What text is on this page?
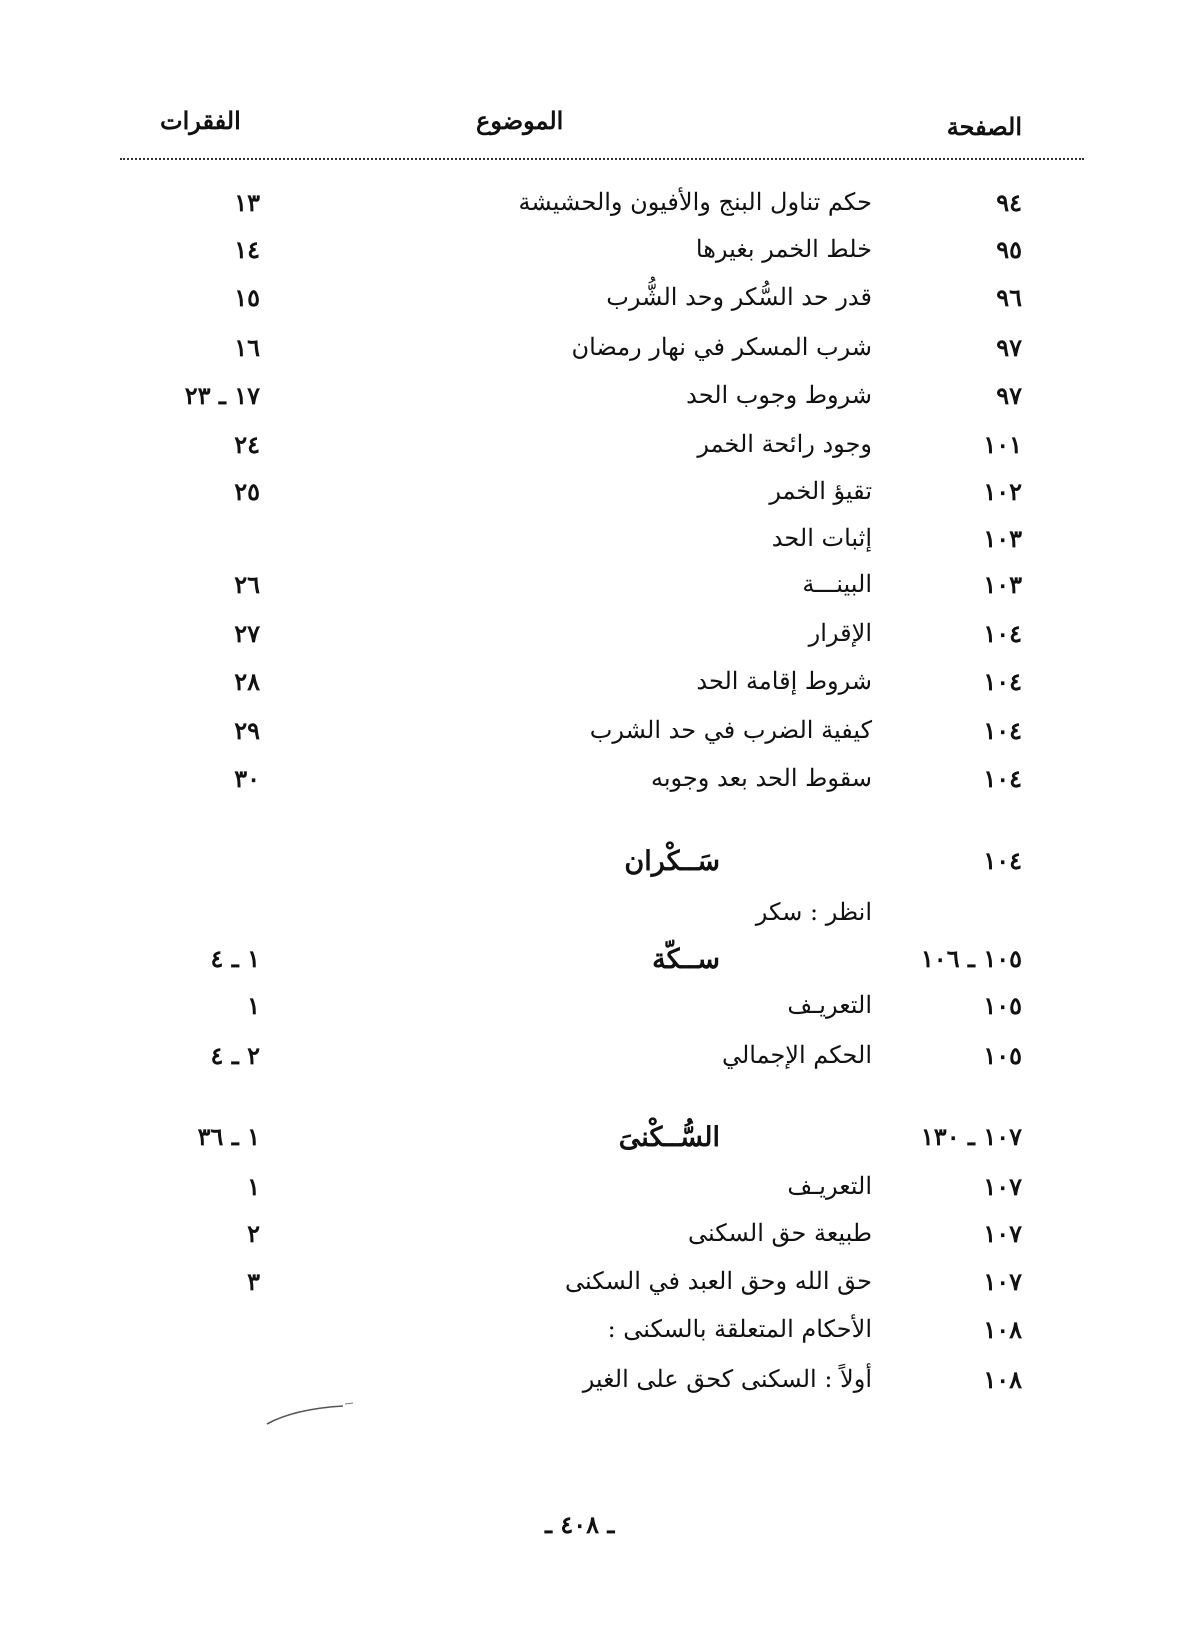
الصفحة
الموضوع
الفقرات
٩٤
حكم تناول البنج والأفيون والحشيشة
١٣
٩٥
خلط الخمر بغيرها
١٤
٩٦
قدر حد السُّكر وحد الشُّرب
١٥
٩٧
شرب المسكر في نهار رمضان
١٦
٩٧
شروط وجوب الحد
١٧ ـ ٢٣
١٠١
وجود رائحة الخمر
٢٤
١٠٢
تقيؤ الخمر
٢٥
١٠٣
إثبات الحد
١٠٣
البينـــة
٢٦
١٠٤
الإقرار
٢٧
١٠٤
شروط إقامة الحد
٢٨
١٠٤
كيفية الضرب في حد الشرب
٢٩
١٠٤
سقوط الحد بعد وجوبه
٣٠
١٠٤
سَــكْران
انظر : سكر
١٠٥ ـ ١٠٦
ســكّة
١ ـ ٤
١٠٥
التعريـف
١
١٠٥
الحكم الإجمالي
٢ ـ ٤
١٠٧ ـ ١٣٠
السُّــكْنىَ
١ ـ ٣٦
١٠٧
التعريـف
١
١٠٧
طبيعة حق السكنى
٢
١٠٧
حق الله وحق العبد في السكنى
٣
١٠٨
الأحكام المتعلقة بالسكنى :
١٠٨
أولاً : السكنى كحق على الغير
ـ ٤٠٨ ـ
